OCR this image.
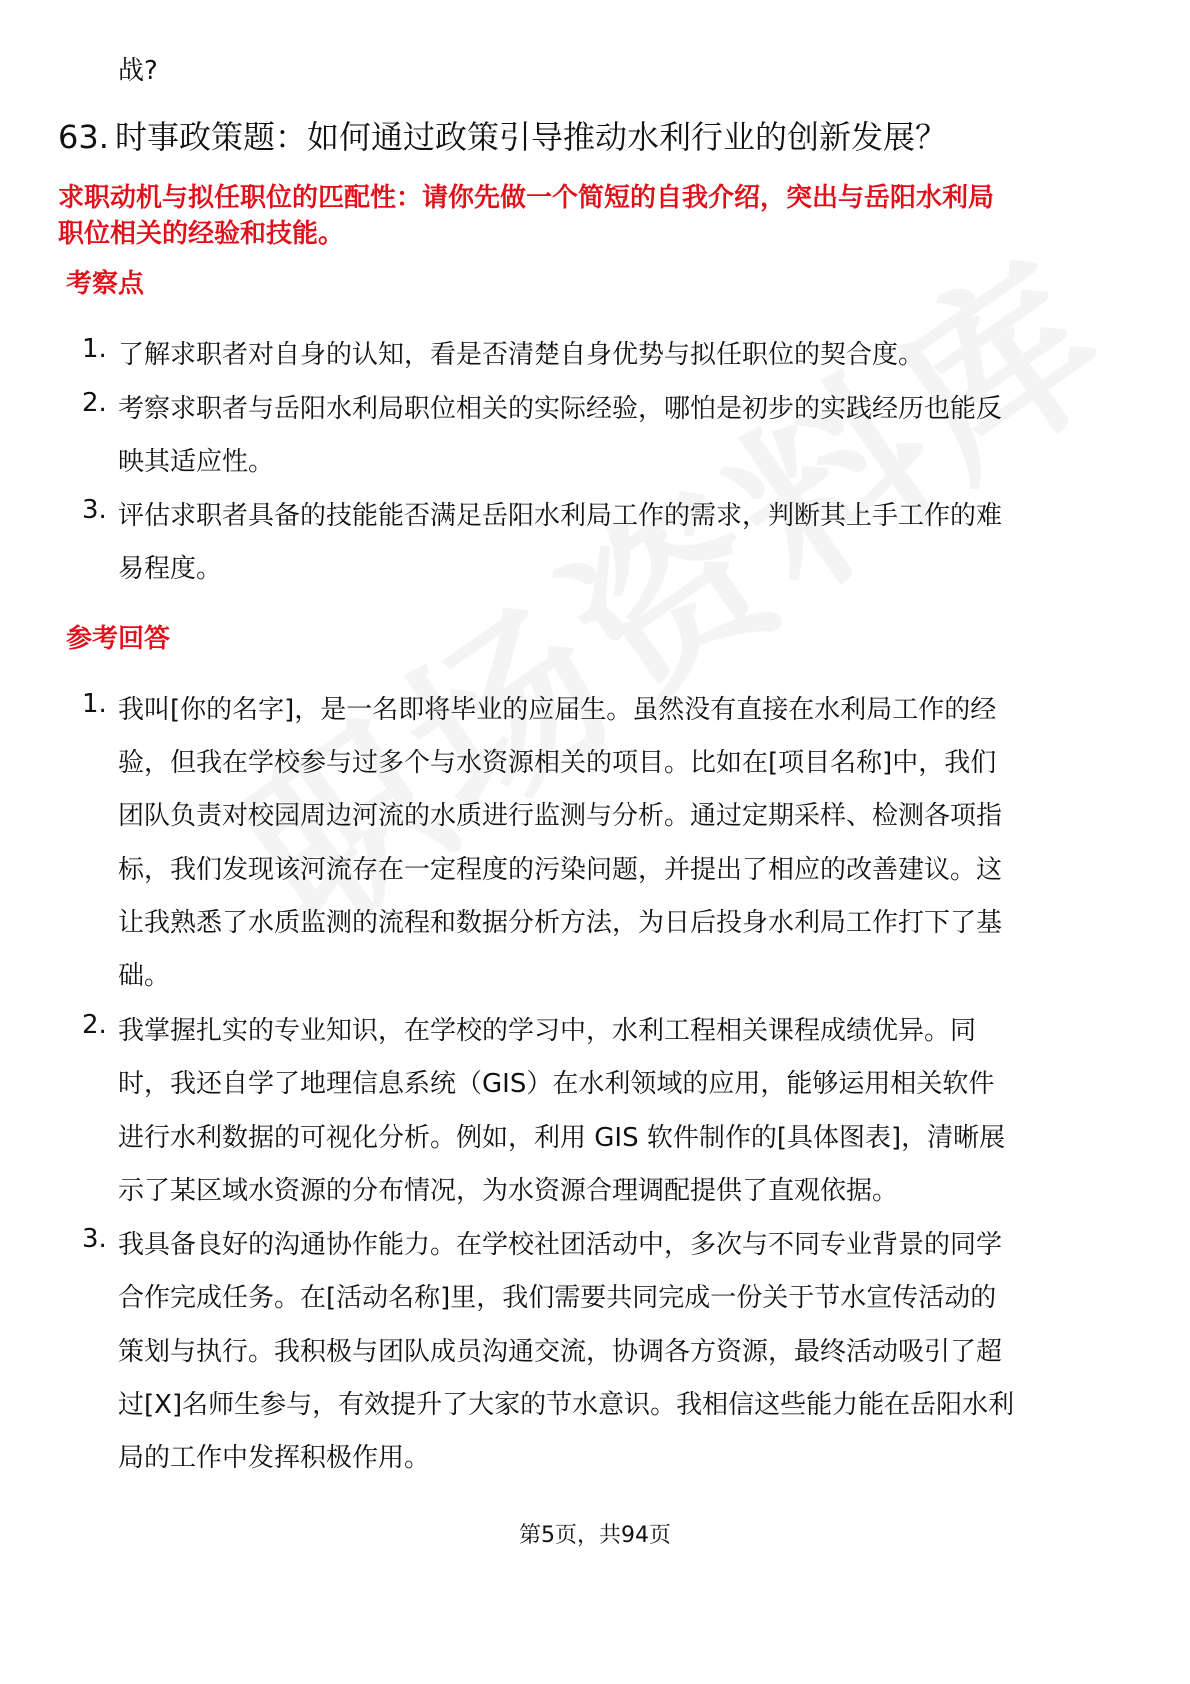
战?
63. 时事政策题：如何通过政策引导推动水利行业的创新发展？
求职动机与拟任职位的匹配性：请你先做一个简短的自我介绍，突出与岳阳水利局
职位相关的经验和技能。
考察点
1. 了解求职者对自身的认知，看是否清楚自身优势与拟任职位的契合度。
2. 考察求职者与岳阳水利局职位相关的实际经验，哪怕是初步的实践经历也能反
映其适应性。
3. 评估求职者具备的技能能否满足岳阳水利局工作的需求，判断其上手工作的难
易程度。
参考回答
1. 我叫[你的名字]，是一名即将毕业的应届生。虽然没有直接在水利局工作的经
验，但我在学校参与过多个与水资源相关的项目。比如在[项目名称]中，我们
团队负责对校园周边河流的水质进行监测与分析。通过定期采样、检测各项指
标，我们发现该河流存在一定程度的污染问题，并提出了相应的改善建议。这
让我熟悉了水质监测的流程和数据分析方法，为日后投身水利局工作打下了基
础。
2. 我掌握扎实的专业知识，在学校的学习中，水利工程相关课程成绩优异。同
时，我还自学了地理信息系统（GIS）在水利领域的应用，能够运用相关软件
进行水利数据的可视化分析。例如，利用 GIS 软件制作的[具体图表]，清晰展
示了某区域水资源的分布情况，为水资源合理调配提供了直观依据。
3. 我具备良好的沟通协作能力。在学校社团活动中，多次与不同专业背景的同学
合作完成任务。在[活动名称]里，我们需要共同完成一份关于节水宣传活动的
策划与执行。我积极与团队成员沟通交流，协调各方资源，最终活动吸引了超
过[X]名师生参与，有效提升了大家的节水意识。我相信这些能力能在岳阳水利
局的工作中发挥积极作用。
第5页，共94页
